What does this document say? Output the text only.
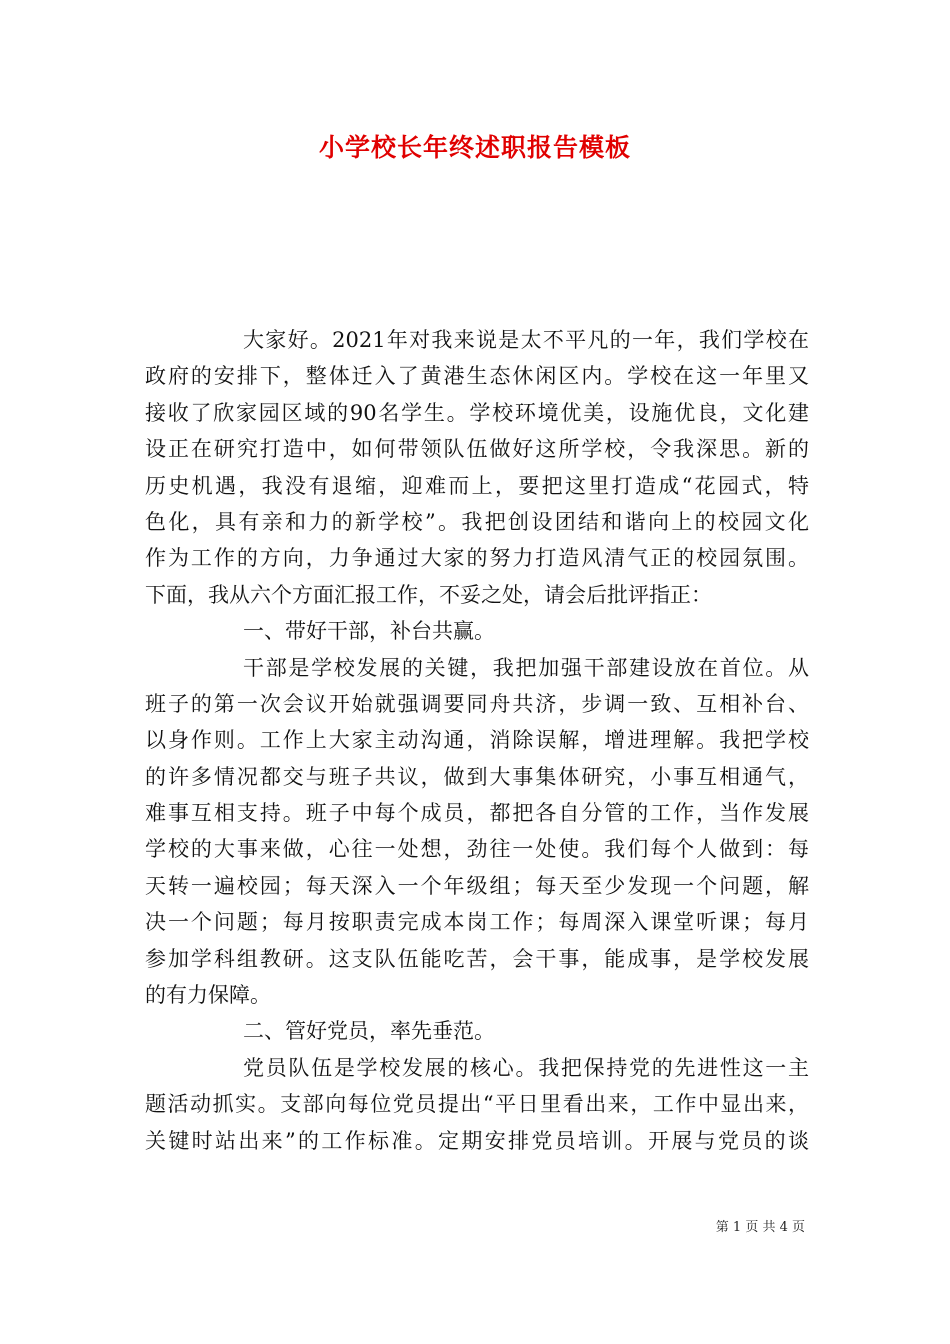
小学校长年终述职报告模板
大家好。2021年对我来说是太不平凡的一年，我们学校在
政府的安排下，整体迁入了黄港生态休闲区内。学校在这一年里又
接收了欣家园区域的90名学生。学校环境优美，设施优良，文化建
设正在研究打造中，如何带领队伍做好这所学校，令我深思。新的
历史机遇，我没有退缩，迎难而上，要把这里打造成“花园式，特
色化，具有亲和力的新学校”。我把创设团结和谐向上的校园文化
作为工作的方向，力争通过大家的努力打造风清气正的校园氛围。
下面，我从六个方面汇报工作，不妥之处，请会后批评指正：
一、带好干部，补台共赢。
干部是学校发展的关键，我把加强干部建设放在首位。从
班子的第一次会议开始就强调要同舟共济，步调一致、互相补台、
以身作则。工作上大家主动沟通，消除误解，增进理解。我把学校
的许多情况都交与班子共议，做到大事集体研究，小事互相通气，
难事互相支持。班子中每个成员，都把各自分管的工作，当作发展
学校的大事来做，心往一处想，劲往一处使。我们每个人做到：每
天转一遍校园；每天深入一个年级组；每天至少发现一个问题，解
决一个问题；每月按职责完成本岗工作；每周深入课堂听课；每月
参加学科组教研。这支队伍能吃苦，会干事，能成事，是学校发展
的有力保障。
二、管好党员，率先垂范。
党员队伍是学校发展的核心。我把保持党的先进性这一主
题活动抓实。支部向每位党员提出“平日里看出来，工作中显出来，
关键时站出来”的工作标准。定期安排党员培训。开展与党员的谈
第 1 页 共 4 页
